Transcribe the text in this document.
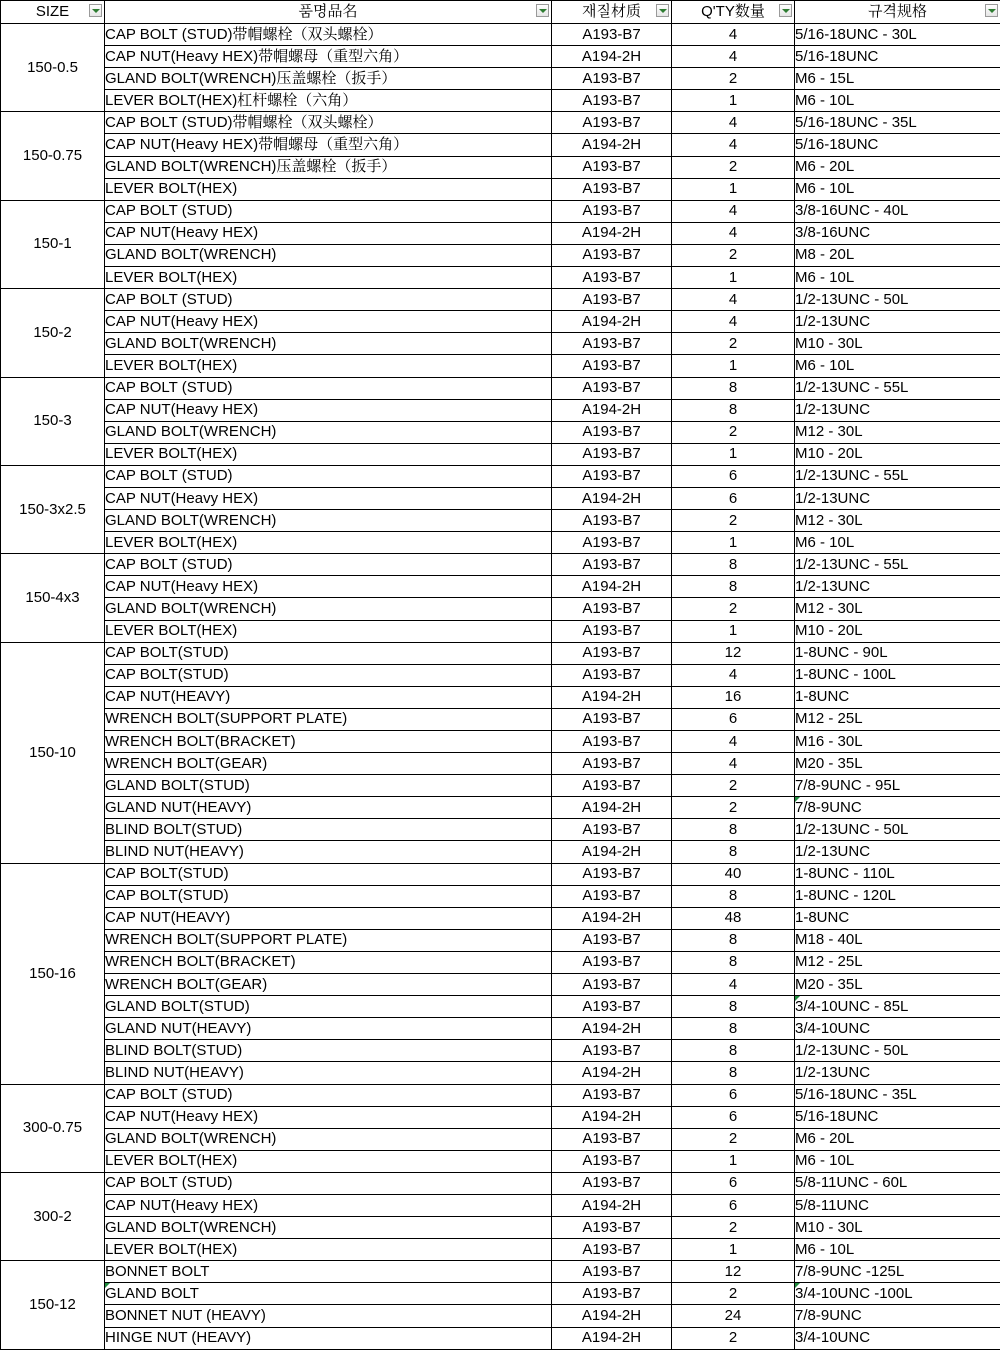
SIZE	품명品名	재질材质	Q'TY数量	규격规格

150-0.5	CAP BOLT (STUD)带帽螺栓（双头螺栓）	A193-B7	4	5/16-18UNC - 30L
	CAP NUT(Heavy HEX)带帽螺母（重型六角）	A194-2H	4	5/16-18UNC
	GLAND BOLT(WRENCH)压盖螺栓（扳手）	A193-B7	2	M6 - 15L
	LEVER BOLT(HEX)杠杆螺栓（六角）	A193-B7	1	M6 - 10L
150-0.75	CAP BOLT (STUD)带帽螺栓（双头螺栓）	A193-B7	4	5/16-18UNC - 35L
	CAP NUT(Heavy HEX)带帽螺母（重型六角）	A194-2H	4	5/16-18UNC
	GLAND BOLT(WRENCH)压盖螺栓（扳手）	A193-B7	2	M6 - 20L
	LEVER BOLT(HEX)	A193-B7	1	M6 - 10L
150-1	CAP BOLT (STUD)	A193-B7	4	3/8-16UNC - 40L
	CAP NUT(Heavy HEX)	A194-2H	4	3/8-16UNC
	GLAND BOLT(WRENCH)	A193-B7	2	M8 - 20L
	LEVER BOLT(HEX)	A193-B7	1	M6 - 10L
150-2	CAP BOLT (STUD)	A193-B7	4	1/2-13UNC - 50L
	CAP NUT(Heavy HEX)	A194-2H	4	1/2-13UNC
	GLAND BOLT(WRENCH)	A193-B7	2	M10 - 30L
	LEVER BOLT(HEX)	A193-B7	1	M6 - 10L
150-3	CAP BOLT (STUD)	A193-B7	8	1/2-13UNC - 55L
	CAP NUT(Heavy HEX)	A194-2H	8	1/2-13UNC
	GLAND BOLT(WRENCH)	A193-B7	2	M12 - 30L
	LEVER BOLT(HEX)	A193-B7	1	M10 - 20L
150-3x2.5	CAP BOLT (STUD)	A193-B7	6	1/2-13UNC - 55L
	CAP NUT(Heavy HEX)	A194-2H	6	1/2-13UNC
	GLAND BOLT(WRENCH)	A193-B7	2	M12 - 30L
	LEVER BOLT(HEX)	A193-B7	1	M6 - 10L
150-4x3	CAP BOLT (STUD)	A193-B7	8	1/2-13UNC - 55L
	CAP NUT(Heavy HEX)	A194-2H	8	1/2-13UNC
	GLAND BOLT(WRENCH)	A193-B7	2	M12 - 30L
	LEVER BOLT(HEX)	A193-B7	1	M10 - 20L
150-10	CAP BOLT(STUD)	A193-B7	12	1-8UNC - 90L
	CAP BOLT(STUD)	A193-B7	4	1-8UNC - 100L
	CAP NUT(HEAVY)	A194-2H	16	1-8UNC
	WRENCH BOLT(SUPPORT PLATE)	A193-B7	6	M12 - 25L
	WRENCH BOLT(BRACKET)	A193-B7	4	M16 - 30L
	WRENCH BOLT(GEAR)	A193-B7	4	M20 - 35L
	GLAND BOLT(STUD)	A193-B7	2	7/8-9UNC - 95L
	GLAND NUT(HEAVY)	A194-2H	2	7/8-9UNC
	BLIND BOLT(STUD)	A193-B7	8	1/2-13UNC - 50L
	BLIND NUT(HEAVY)	A194-2H	8	1/2-13UNC
150-16	CAP BOLT(STUD)	A193-B7	40	1-8UNC - 110L
	CAP BOLT(STUD)	A193-B7	8	1-8UNC - 120L
	CAP NUT(HEAVY)	A194-2H	48	1-8UNC
	WRENCH BOLT(SUPPORT PLATE)	A193-B7	8	M18 - 40L
	WRENCH BOLT(BRACKET)	A193-B7	8	M12 - 25L
	WRENCH BOLT(GEAR)	A193-B7	4	M20 - 35L
	GLAND BOLT(STUD)	A193-B7	8	3/4-10UNC - 85L
	GLAND NUT(HEAVY)	A194-2H	8	3/4-10UNC
	BLIND BOLT(STUD)	A193-B7	8	1/2-13UNC - 50L
	BLIND NUT(HEAVY)	A194-2H	8	1/2-13UNC
300-0.75	CAP BOLT (STUD)	A193-B7	6	5/16-18UNC - 35L
	CAP NUT(Heavy HEX)	A194-2H	6	5/16-18UNC
	GLAND BOLT(WRENCH)	A193-B7	2	M6 - 20L
	LEVER BOLT(HEX)	A193-B7	1	M6 - 10L
300-2	CAP BOLT (STUD)	A193-B7	6	5/8-11UNC - 60L
	CAP NUT(Heavy HEX)	A194-2H	6	5/8-11UNC
	GLAND BOLT(WRENCH)	A193-B7	2	M10 - 30L
	LEVER BOLT(HEX)	A193-B7	1	M6 - 10L
150-12	BONNET BOLT	A193-B7	12	7/8-9UNC -125L
	GLAND BOLT	A193-B7	2	3/4-10UNC -100L
	BONNET NUT (HEAVY)	A194-2H	24	7/8-9UNC
	HINGE NUT (HEAVY)	A194-2H	2	3/4-10UNC
